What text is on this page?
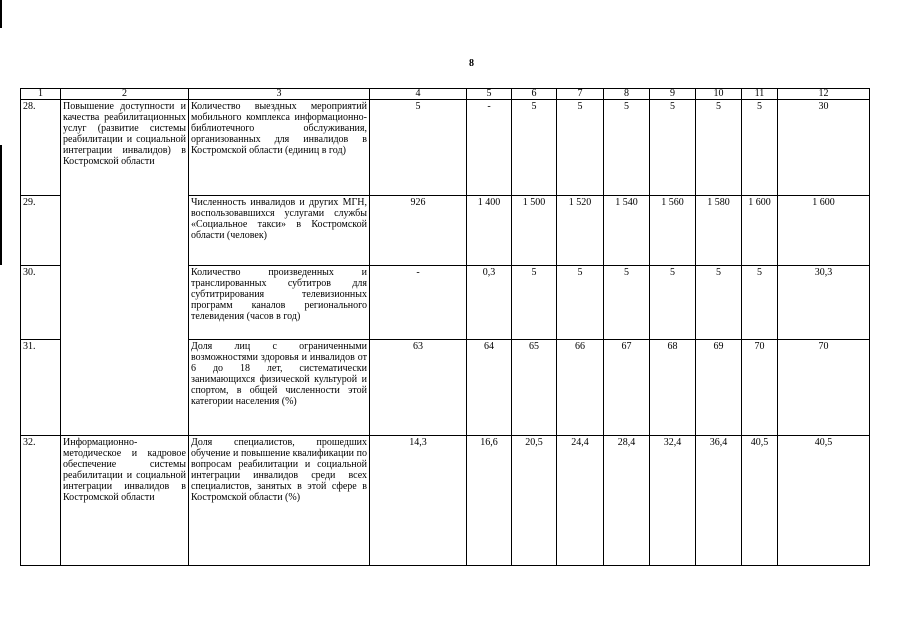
8
1	2	3	4	5	6	7	8	9	10	11	12
28.	Повышение доступности и качества реабилитационных услуг (развитие системы реабилитации и социальной интеграции инвалидов) в Костромской области	Количество выездных мероприятий мобильного комплекса информационно-библиотечного обслуживания, организованных для инвалидов в Костромской области (единиц в год)	5	-	5	5	5	5	5	5	30
29.		Численность инвалидов и других МГН, воспользовавшихся услугами службы «Социальное такси» в Костромской области (человек)	926	1 400	1 500	1 520	1 540	1 560	1 580	1 600	1 600
30.		Количество произведенных и транслированных субтитров для субтитрирования телевизионных программ каналов регионального телевидения (часов в год)	-	0,3	5	5	5	5	5	5	30,3
31.		Доля лиц с ограниченными возможностями здоровья и инвалидов от 6 до 18 лет, систематически занимающихся физической культурой и спортом, в общей численности этой категории населения (%)	63	64	65	66	67	68	69	70	70
32.	Информационно-методическое и кадровое обеспечение системы реабилитации и социальной интеграции инвалидов в Костромской области	Доля специалистов, прошедших обучение и повышение квалификации по вопросам реабилитации и социальной интеграции инвалидов среди всех специалистов, занятых в этой сфере в Костромской области (%)	14,3	16,6	20,5	24,4	28,4	32,4	36,4	40,5	40,5
